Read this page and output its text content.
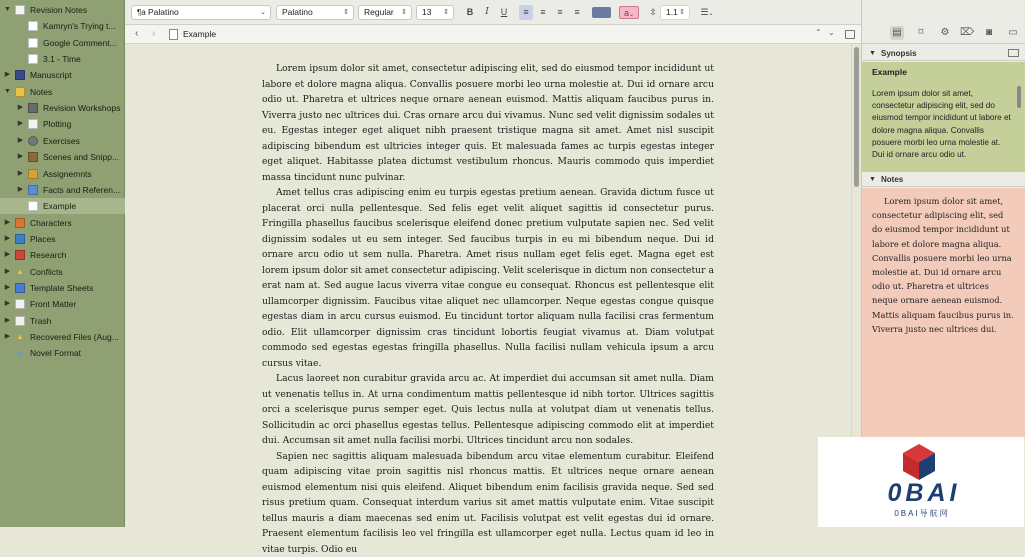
▼ Revision Notes
Kamryn's Trying t...
Google Comment...
3.1 - Time
▶ Manuscript
▼ Notes
▶ Revision Workshops
▶ Plotting
▶ Exercises
▶ Scenes and Snipp...
▶ Assignemnts
▶ Facts and Referen...
Example
▶ Characters
▶ Places
▶ Research
▶ ▲ Conflicts
▶ Template Sheets
▶ Front Matter
▶ Trash
▶ ▲ Recovered Files (Aug...
▲ Novel Format
¶a Palatino	⌄	Palatino	⇕	Regular ⇕	13 ⇕	B	I	U	≡	≡	≡	≡	a⌄	⇳	1.1 ⇕	☰⌄
‹ ›	Example	⌃ ⌄

Lorem ipsum dolor sit amet, consectetur adipiscing elit, sed do eiusmod tempor incididunt ut labore et dolore magna aliqua. Convallis posuere morbi leo urna molestie at. Dui id ornare arcu odio ut. Pharetra et ultrices neque ornare aenean euismod. Mattis aliquam faucibus purus in. Viverra justo nec ultrices dui. Cras ornare arcu dui vivamus. Nunc sed velit dignissim sodales ut eu. Egestas integer eget aliquet nibh praesent tristique magna sit amet. Amet nisl suscipit adipiscing bibendum est ultricies integer quis. Et malesuada fames ac turpis egestas integer eget aliquet. Habitasse platea dictumst vestibulum rhoncus. Mauris commodo quis imperdiet massa tincidunt nunc pulvinar.

Amet tellus cras adipiscing enim eu turpis egestas pretium aenean. Gravida dictum fusce ut placerat orci nulla pellentesque. Sed felis eget velit aliquet sagittis id consectetur purus. Fringilla phasellus faucibus scelerisque eleifend donec pretium vulputate sapien nec. Sed velit dignissim sodales ut eu sem integer. Sed faucibus turpis in eu mi bibendum neque. Dui id ornare arcu odio ut sem nulla. Pharetra. Amet risus nullam eget felis eget. Magna eget est lorem ipsum dolor sit amet consectetur adipiscing. Velit scelerisque in dictum non consectetur a erat nam at. Sed augue lacus viverra vitae congue eu consequat. Rhoncus est pellentesque elit ullamcorper dignissim. Faucibus vitae aliquet nec ullamcorper. Neque egestas congue quisque egestas diam in arcu cursus euismod. Eu tincidunt tortor aliquam nulla facilisi cras fermentum odio. Elit ullamcorper dignissim cras tincidunt lobortis feugiat vivamus at. Diam volutpat commodo sed egestas egestas fringilla phasellus. Nulla facilisi nullam vehicula ipsum a arcu cursus vitae.

Lacus laoreet non curabitur gravida arcu ac. At imperdiet dui accumsan sit amet nulla. Diam ut venenatis tellus in. At urna condimentum mattis pellentesque id nibh tortor. Ultrices sagittis orci a scelerisque purus semper eget. Quis lectus nulla at volutpat diam ut venenatis tellus. Sollicitudin ac orci phasellus egestas tellus. Pellentesque adipiscing commodo elit at imperdiet dui. Accumsan sit amet nulla facilisi morbi. Ultrices tincidunt arcu non sodales.

Sapien nec sagittis aliquam malesuada bibendum arcu vitae elementum curabitur. Eleifend quam adipiscing vitae proin sagittis nisl rhoncus mattis. Et ultrices neque ornare aenean euismod elementum nisi quis eleifend. Aliquet bibendum enim facilisis gravida neque. Sed sed risus pretium quam. Consequat interdum varius sit amet mattis vulputate enim. Vitae suscipit tellus mauris a diam maecenas sed enim ut. Facilisis volutpat est velit egestas dui id ornare. Praesent elementum facilisis leo vel fringilla est ullamcorper eget nulla. Lectus quam id leo in vitae turpis. Odio eu

▤	⌑	⚙ ⌦	◙	▭
▼ Synopsis
Example
Lorem ipsum dolor sit amet, consectetur adipiscing elit, sed do eiusmod tempor incididunt ut labore et dolore magna aliqua. Convallis posuere morbi leo urna molestie at. Dui id ornare arcu odio ut.
▼ Notes

Lorem ipsum dolor sit amet, consectetur adipiscing elit, sed do eiusmod tempor incididunt ut labore et dolore magna aliqua. Convallis posuere morbi leo urna molestie at. Dui id ornare arcu odio ut. Pharetra et ultrices neque ornare aenean euismod. Mattis aliquam faucibus purus in. Viverra justo nec ultrices dui.

0BAI
0BAI导航网
